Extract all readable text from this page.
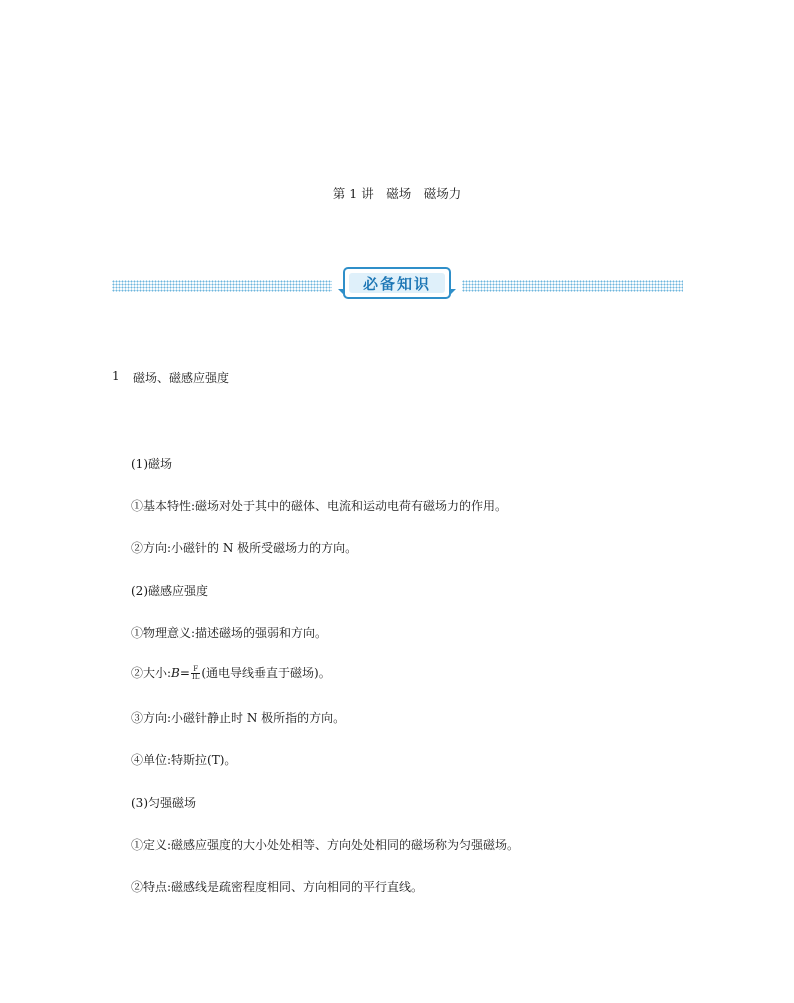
第 1 讲　磁场　磁场力
必备知识
1 磁场、磁感应强度
(1)磁场
①基本特性:磁场对处于其中的磁体、电流和运动电荷有磁场力的作用。
②方向:小磁针的 N 极所受磁场力的方向。
(2)磁感应强度
①物理意义:描述磁场的强弱和方向。
②大小:B= $\frac{F}{IL}$ (通电导线垂直于磁场)。
③方向:小磁针静止时 N 极所指的方向。
④单位:特斯拉(T)。
(3)匀强磁场
①定义:磁感应强度的大小处处相等、方向处处相同的磁场称为匀强磁场。
②特点:磁感线是疏密程度相同、方向相同的平行直线。
